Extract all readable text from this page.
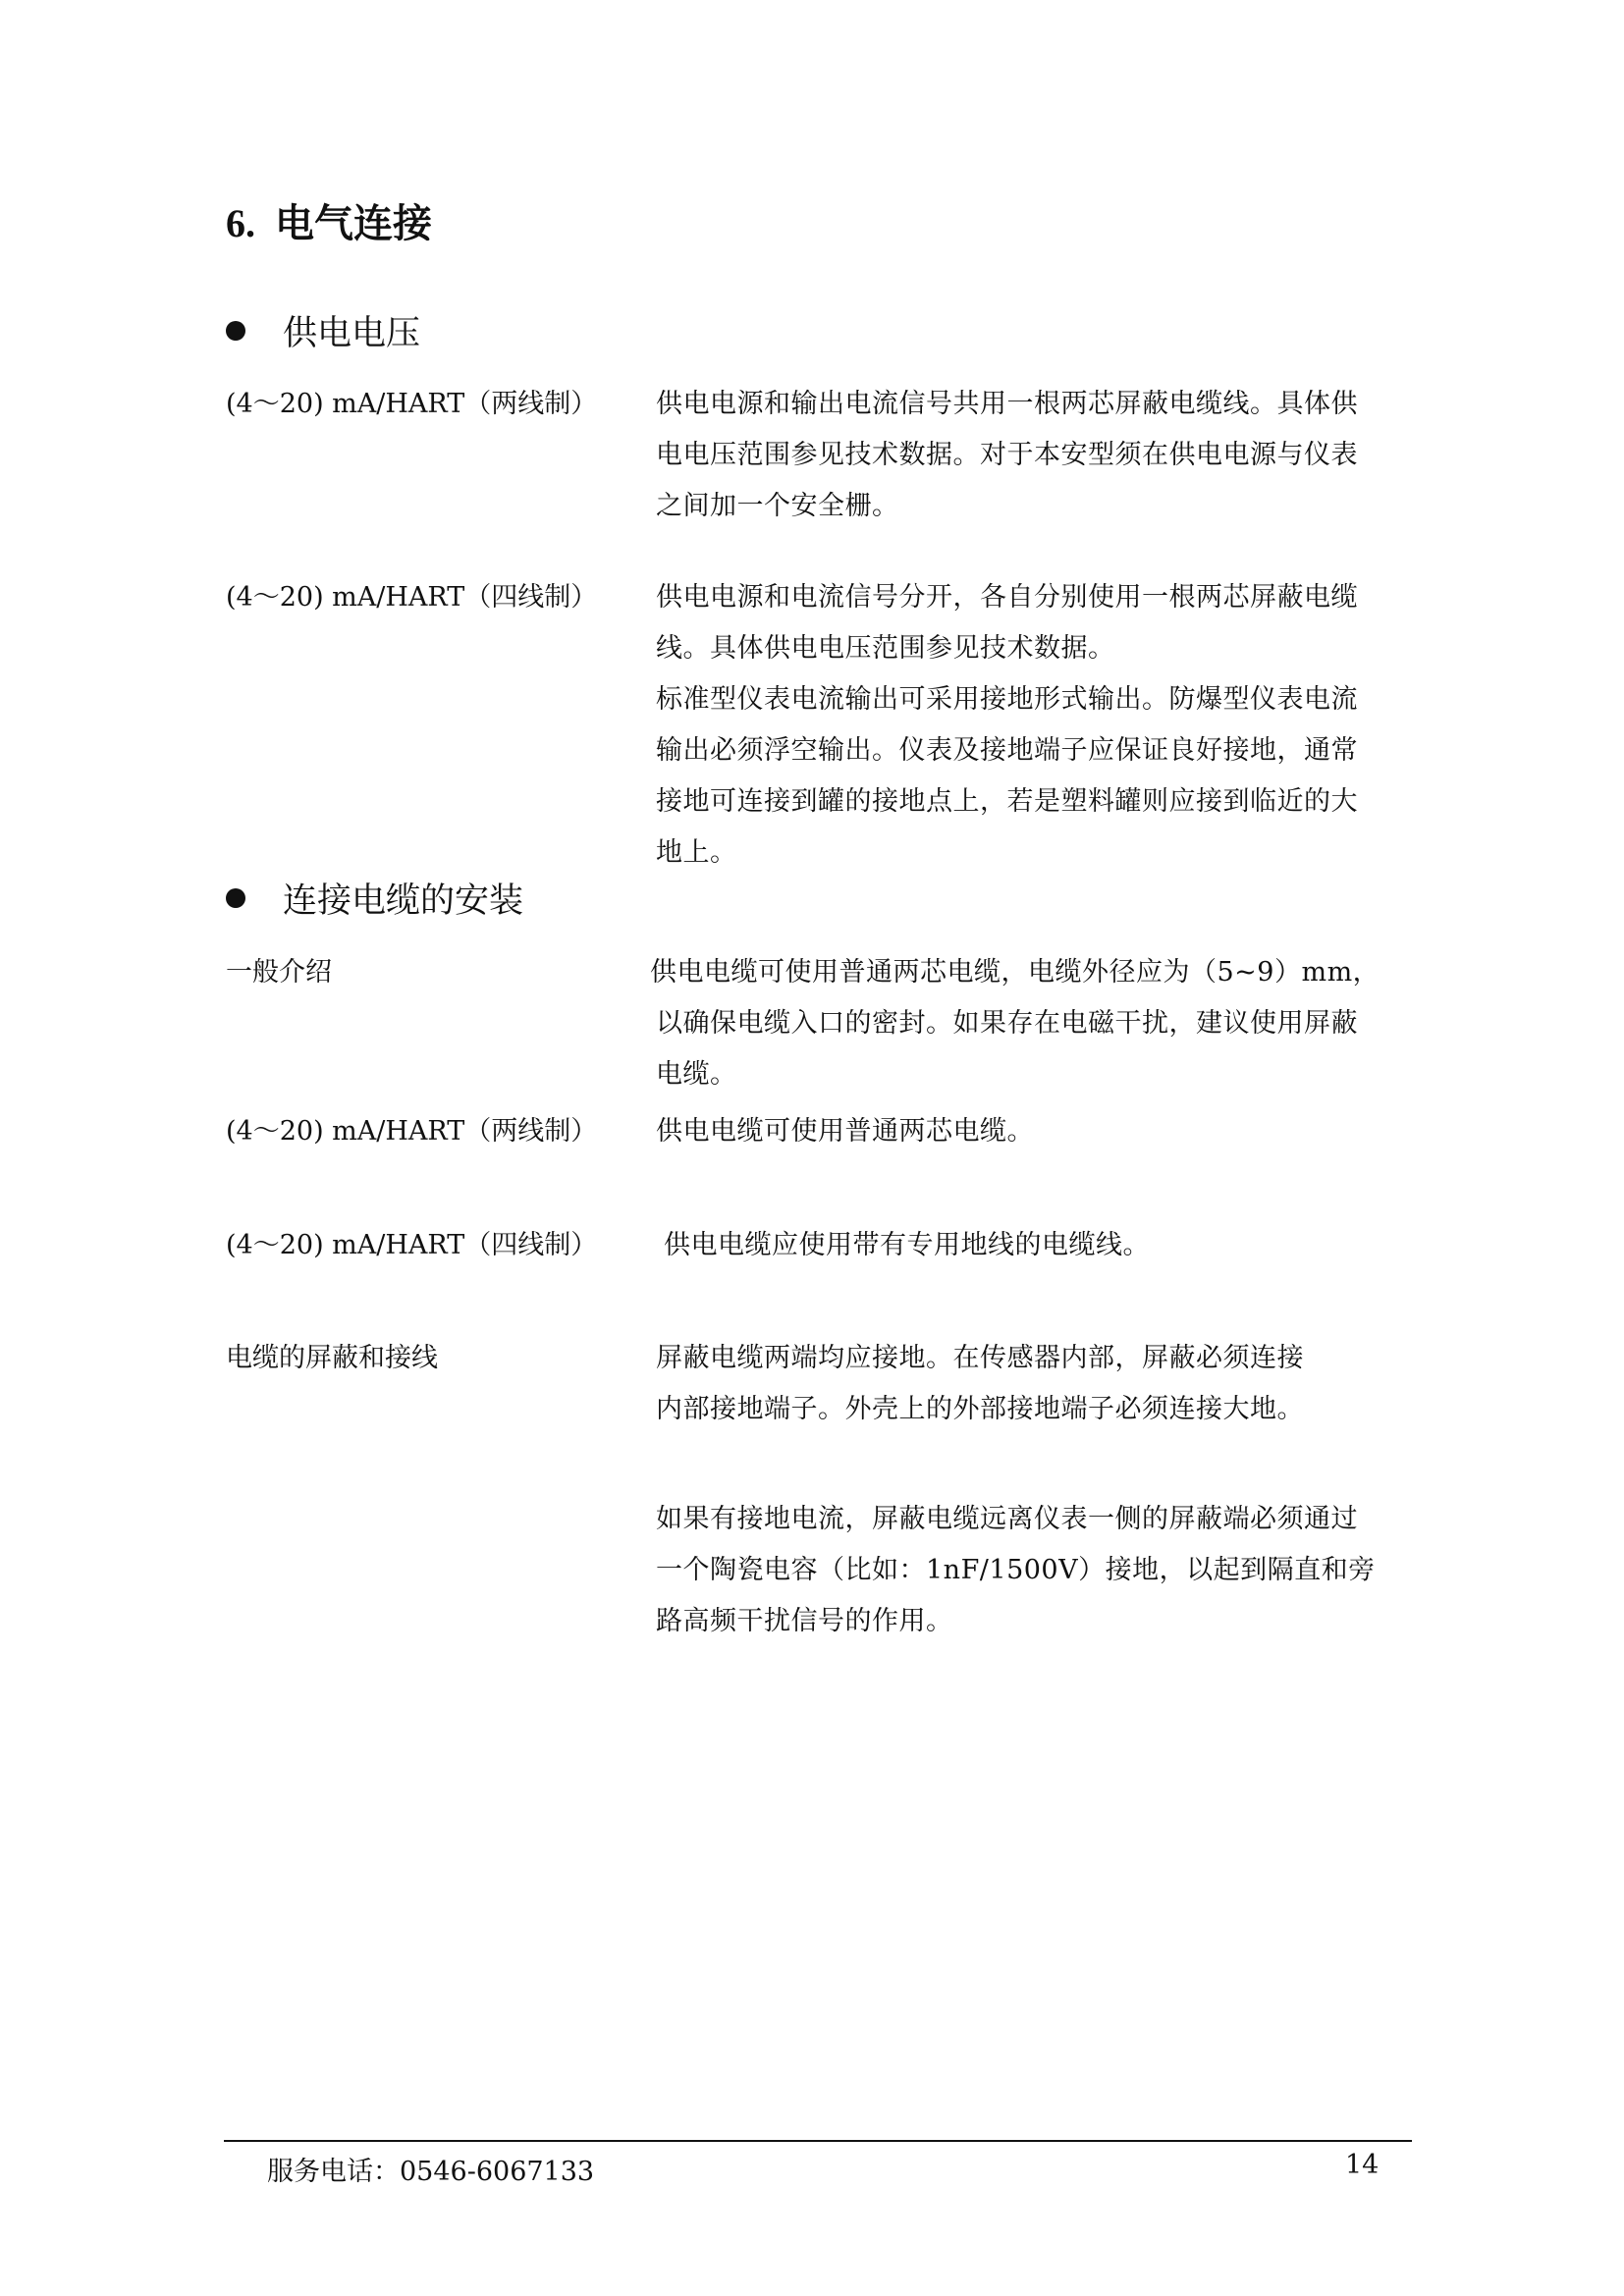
6. 电气连接
供电电压
(4～20) mA/HART（两线制） 供电电源和输出电流信号共用一根两芯屏蔽电缆线。具体供
电电压范围参见技术数据。对于本安型须在供电电源与仪表
之间加一个安全栅。
(4～20) mA/HART（四线制） 供电电源和电流信号分开，各自分别使用一根两芯屏蔽电缆
线。具体供电电压范围参见技术数据。
标准型仪表电流输出可采用接地形式输出。防爆型仪表电流
输出必须浮空输出。仪表及接地端子应保证良好接地，通常
接地可连接到罐的接地点上，若是塑料罐则应接到临近的大
地上。
连接电缆的安装
一般介绍	供电电缆可使用普通两芯电缆，电缆外径应为（5~9）mm，
以确保电缆入口的密封。如果存在电磁干扰，建议使用屏蔽
电缆。
(4～20) mA/HART（两线制） 供电电缆可使用普通两芯电缆。
(4～20) mA/HART（四线制）	供电电缆应使用带有专用地线的电缆线。
电缆的屏蔽和接线	屏蔽电缆两端均应接地。在传感器内部，屏蔽必须连接
内部接地端子。外壳上的外部接地端子必须连接大地。
如果有接地电流，屏蔽电缆远离仪表一侧的屏蔽端必须通过
一个陶瓷电容（比如：1nF/1500V）接地，以起到隔直和旁
路高频干扰信号的作用。
服务电话：0546-6067133	14
